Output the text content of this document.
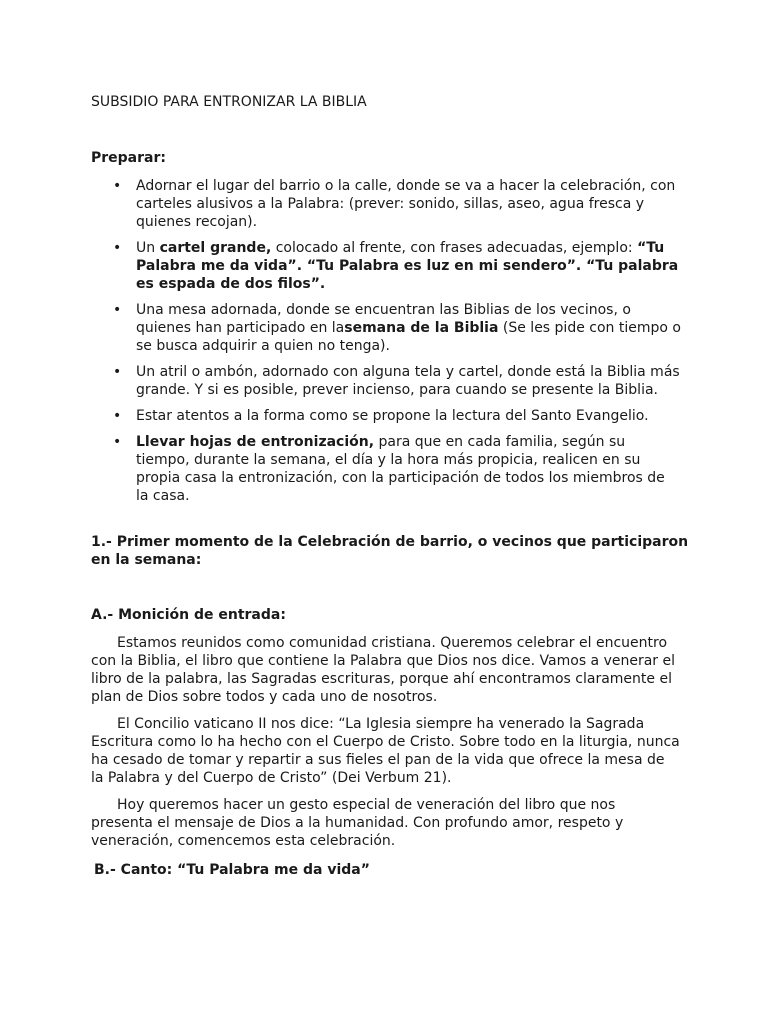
SUBSIDIO PARA ENTRONIZAR LA BIBLIA
Preparar:
• Adornar el lugar del barrio o la calle, donde se va a hacer la celebración, con carteles alusivos a la Palabra: (prever: sonido, sillas, aseo, agua fresca y quienes recojan).
• Un cartel grande, colocado al frente, con frases adecuadas, ejemplo: “Tu Palabra me da vida”. “Tu Palabra es luz en mi sendero”. “Tu palabra es espada de dos filos”.
• Una mesa adornada, donde se encuentran las Biblias de los vecinos, o quienes han participado en lasemana de la Biblia (Se les pide con tiempo o se busca adquirir a quien no tenga).
• Un atril o ambón, adornado con alguna tela y cartel, donde está la Biblia más grande. Y si es posible, prever incienso, para cuando se presente la Biblia.
• Estar atentos a la forma como se propone la lectura del Santo Evangelio.
• Llevar hojas de entronización, para que en cada familia, según su tiempo, durante la semana, el día y la hora más propicia, realicen en su propia casa la entronización, con la participación de todos los miembros de la casa.
1.- Primer momento de la Celebración de barrio, o vecinos que participaron en la semana:
A.- Monición de entrada:
Estamos reunidos como comunidad cristiana. Queremos celebrar el encuentro con la Biblia, el libro que contiene la Palabra que Dios nos dice. Vamos a venerar el libro de la palabra, las Sagradas escrituras, porque ahí encontramos claramente el plan de Dios sobre todos y cada uno de nosotros.
El Concilio vaticano II nos dice: “La Iglesia siempre ha venerado la Sagrada Escritura como lo ha hecho con el Cuerpo de Cristo. Sobre todo en la liturgia, nunca ha cesado de tomar y repartir a sus fieles el pan de la vida que ofrece la mesa de la Palabra y del Cuerpo de Cristo” (Dei Verbum 21).
Hoy queremos hacer un gesto especial de veneración del libro que nos presenta el mensaje de Dios a la humanidad. Con profundo amor, respeto y veneración, comencemos esta celebración.
B.- Canto: “Tu Palabra me da vida”
